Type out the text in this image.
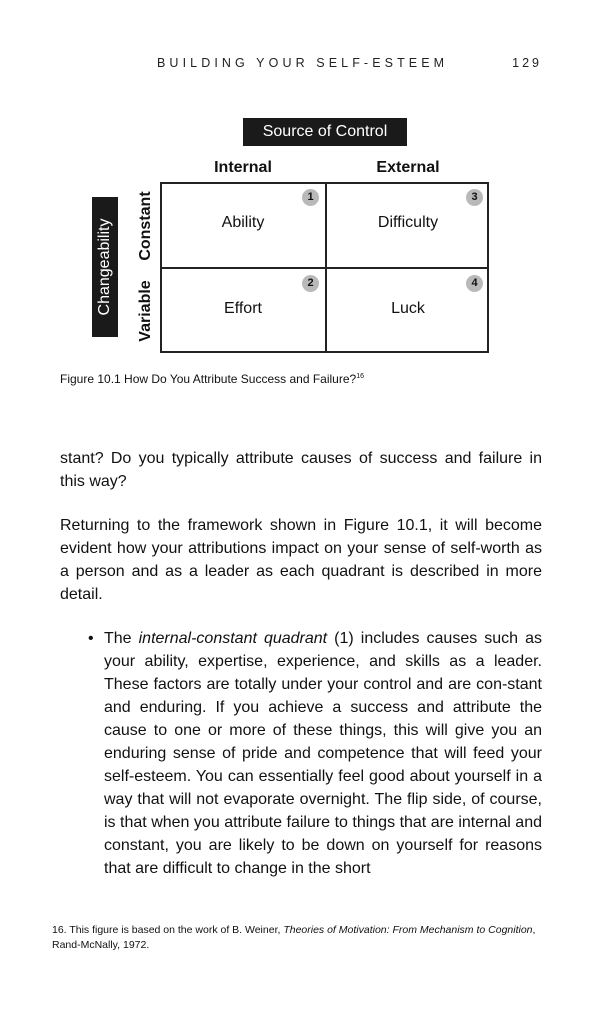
BUILDING YOUR SELF-ESTEEM	129
Source of Control
Internal	External
Changeability Constant
Variable
Ability
1
Difficulty
3
Effort
2
Luck
4
Figure 10.1 How Do You Attribute Success and Failure?$^{16}$
stant? Do you typically attribute causes of success and failure in this way?
Returning to the framework shown in Figure 10.1, it will become evident how your attributions impact on your sense of self-worth as a person and as a leader as each quadrant is described in more detail.
• The internal-constant quadrant (1) includes causes such as your ability, expertise, experience, and skills as a leader. These factors are totally under your control and are con-stant and enduring. If you achieve a success and attribute the cause to one or more of these things, this will give you an enduring sense of pride and competence that will feed your self-esteem. You can essentially feel good about yourself in a way that will not evaporate overnight. The flip side, of course, is that when you attribute failure to things that are internal and constant, you are likely to be down on yourself for reasons that are difficult to change in the short
16. This figure is based on the work of B. Weiner, Theories of Motivation: From Mechanism to Cognition, Rand-McNally, 1972.
